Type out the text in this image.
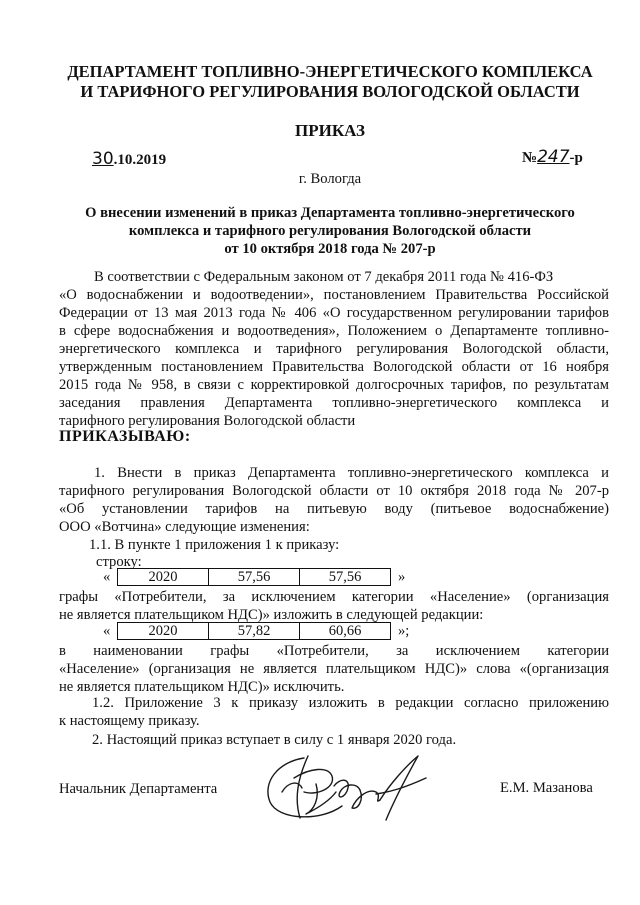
ДЕПАРТАМЕНТ ТОПЛИВНО-ЭНЕРГЕТИЧЕСКОГО КОМПЛЕКСА
И ТАРИФНОГО РЕГУЛИРОВАНИЯ ВОЛОГОДСКОЙ ОБЛАСТИ
ПРИКАЗ
30.10.2019	№247-р
г. Вологда
О внесении изменений в приказ Департамента топливно-энергетического
комплекса и тарифного регулирования Вологодской области
от 10 октября 2018 года № 207-р
В соответствии с Федеральным законом от 7 декабря 2011 года № 416-ФЗ
«О водоснабжении и водоотведении», постановлением Правительства Российской
Федерации от 13 мая 2013 года № 406 «О государственном регулировании тарифов
в сфере водоснабжения и водоотведения», Положением о Департаменте топливно-
энергетического комплекса и тарифного регулирования Вологодской области,
утвержденным постановлением Правительства Вологодской области от 16 ноября
2015 года № 958, в связи с корректировкой долгосрочных тарифов, по результатам
заседания правления Департамента топливно-энергетического комплекса и
тарифного регулирования Вологодской области
ПРИКАЗЫВАЮ:
1. Внести в приказ Департамента топливно-энергетического комплекса и
тарифного регулирования Вологодской области от 10 октября 2018 года № 207-р
«Об установлении тарифов на питьевую воду (питьевое водоснабжение)
ООО «Вотчина» следующие изменения:
1.1. В пункте 1 приложения 1 к приказу:
строку:
«	2020	57,56	57,56	»
графы «Потребители, за исключением категории «Население» (организация
не является плательщиком НДС)» изложить в следующей редакции:
«	2020	57,82	60,66	»;
в наименовании графы «Потребители, за исключением категории
«Население» (организация не является плательщиком НДС)» слова «(организация
не является плательщиком НДС)» исключить.
1.2. Приложение 3 к приказу изложить в редакции согласно приложению
к настоящему приказу.
2. Настоящий приказ вступает в силу с 1 января 2020 года.
Начальник Департамента	Е.М. Мазанова
